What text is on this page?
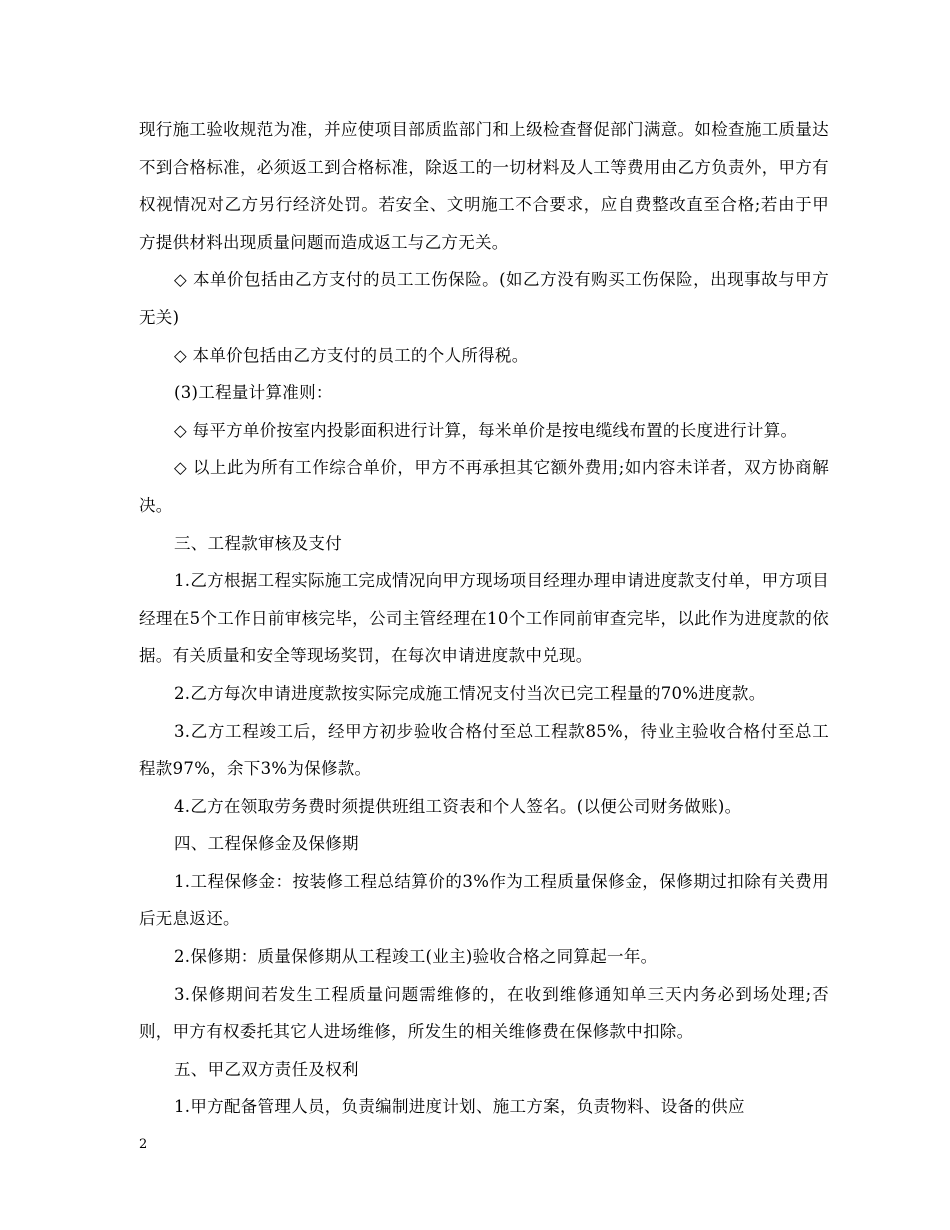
现行施工验收规范为准，并应使项目部质监部门和上级检查督促部门满意。如检查施工质量达不到合格标准，必须返工到合格标准，除返工的一切材料及人工等费用由乙方负责外，甲方有权视情况对乙方另行经济处罚。若安全、文明施工不合要求，应自费整改直至合格;若由于甲方提供材料出现质量问题而造成返工与乙方无关。

◇ 本单价包括由乙方支付的员工工伤保险。(如乙方没有购买工伤保险，出现事故与甲方无关)

◇ 本单价包括由乙方支付的员工的个人所得税。

(3)工程量计算准则：

◇ 每平方单价按室内投影面积进行计算，每米单价是按电缆线布置的长度进行计算。

◇ 以上此为所有工作综合单价，甲方不再承担其它额外费用;如内容未详者，双方协商解决。

三、工程款审核及支付

1.乙方根据工程实际施工完成情况向甲方现场项目经理办理申请进度款支付单，甲方项目经理在5个工作日前审核完毕，公司主管经理在10个工作同前审查完毕，以此作为进度款的依据。有关质量和安全等现场奖罚，在每次申请进度款中兑现。

2.乙方每次申请进度款按实际完成施工情况支付当次已完工程量的70%进度款。

3.乙方工程竣工后，经甲方初步验收合格付至总工程款85%，待业主验收合格付至总工程款97%，余下3%为保修款。

4.乙方在领取劳务费时须提供班组工资表和个人签名。(以便公司财务做账)。

四、工程保修金及保修期

1.工程保修金：按装修工程总结算价的3%作为工程质量保修金，保修期过扣除有关费用后无息返还。

2.保修期：质量保修期从工程竣工(业主)验收合格之同算起一年。

3.保修期间若发生工程质量问题需维修的，在收到维修通知单三天内务必到场处理;否则，甲方有权委托其它人进场维修，所发生的相关维修费在保修款中扣除。

五、甲乙双方责任及权利

1.甲方配备管理人员，负责编制进度计划、施工方案，负责物料、设备的供应

2
